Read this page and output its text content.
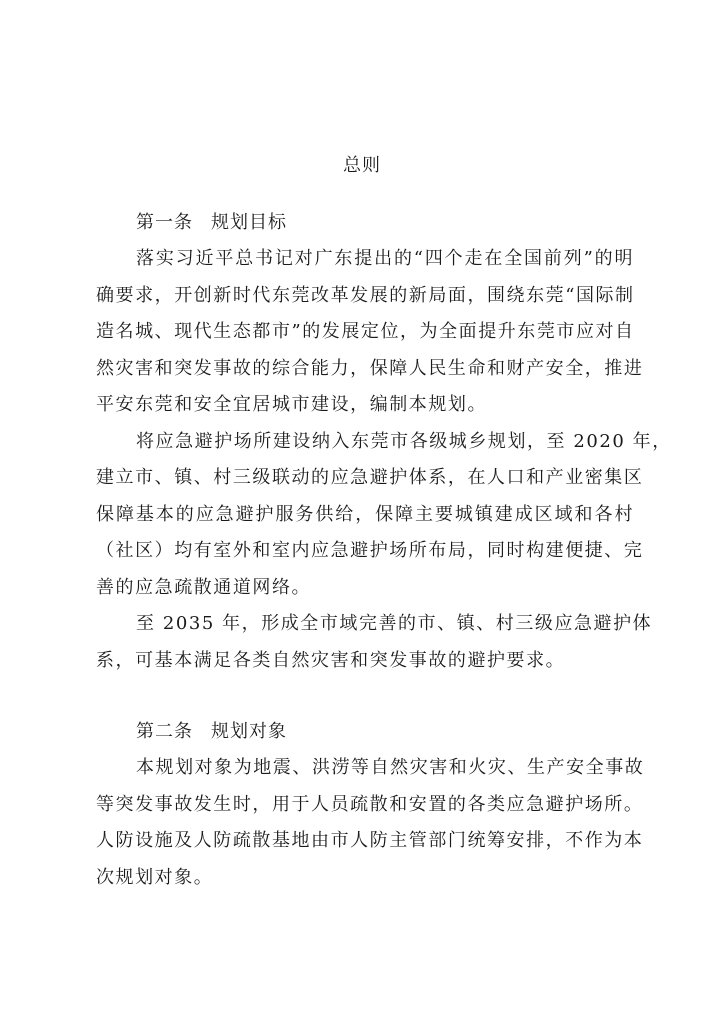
总则
第一条 规划目标
落实习近平总书记对广东提出的“四个走在全国前列”的明
确要求，开创新时代东莞改革发展的新局面，围绕东莞“国际制
造名城、现代生态都市”的发展定位，为全面提升东莞市应对自
然灾害和突发事故的综合能力，保障人民生命和财产安全，推进
平安东莞和安全宜居城市建设，编制本规划。
将应急避护场所建设纳入东莞市各级城乡规划，至 2020 年，
建立市、镇、村三级联动的应急避护体系，在人口和产业密集区
保障基本的应急避护服务供给，保障主要城镇建成区域和各村
（社区）均有室外和室内应急避护场所布局，同时构建便捷、完
善的应急疏散通道网络。
至 2035 年，形成全市域完善的市、镇、村三级应急避护体
系，可基本满足各类自然灾害和突发事故的避护要求。
第二条 规划对象
本规划对象为地震、洪涝等自然灾害和火灾、生产安全事故
等突发事故发生时，用于人员疏散和安置的各类应急避护场所。
人防设施及人防疏散基地由市人防主管部门统筹安排，不作为本
次规划对象。
